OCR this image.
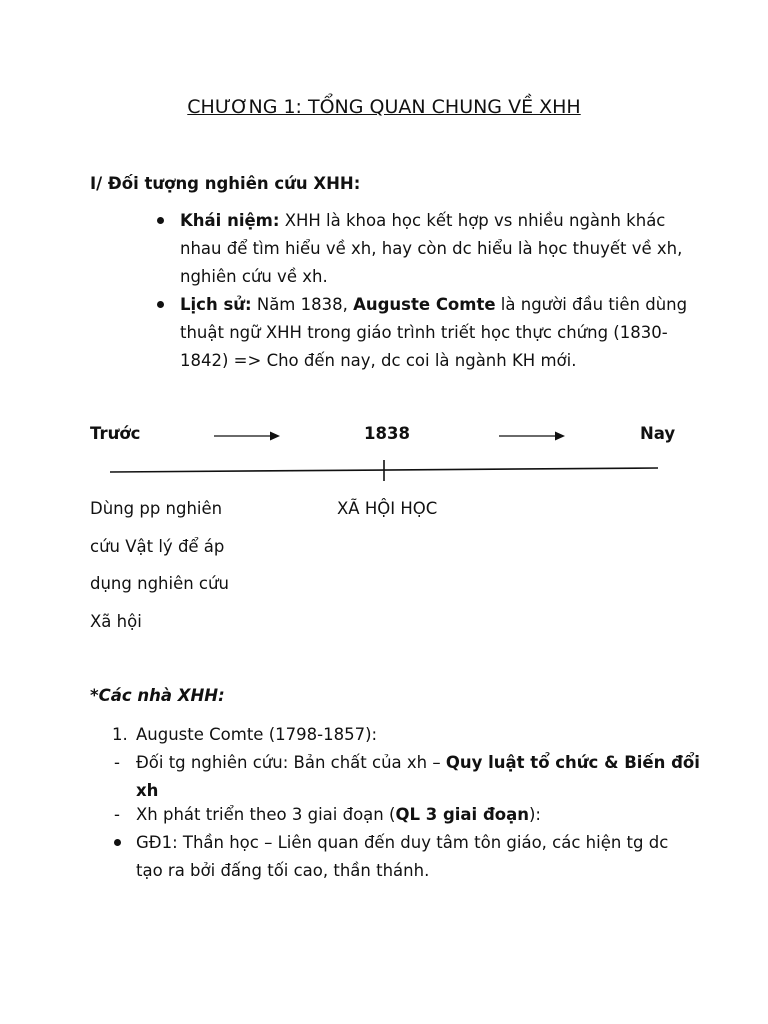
CHƯƠNG 1: TỔNG QUAN CHUNG VỀ XHH
I/ Đối tượng nghiên cứu XHH:
Khái niệm: XHH là khoa học kết hợp vs nhiều ngành khác
nhau để tìm hiểu về xh, hay còn dc hiểu là học thuyết về xh,
nghiên cứu về xh.
Lịch sử: Năm 1838, Auguste Comte là người đầu tiên dùng
thuật ngữ XHH trong giáo trình triết học thực chứng (1830-
1842) => Cho đến nay, dc coi là ngành KH mới.
Trước	1838	Nay
Dùng pp nghiên
cứu Vật lý để áp
dụng nghiên cứu
Xã hội
XÃ HỘI HỌC
*Các nhà XHH:
1. Auguste Comte (1798-1857):
- Đối tg nghiên cứu: Bản chất của xh – Quy luật tổ chức & Biến đổi
xh
- Xh phát triển theo 3 giai đoạn (QL 3 giai đoạn):
GĐ1: Thần học – Liên quan đến duy tâm tôn giáo, các hiện tg dc
tạo ra bởi đấng tối cao, thần thánh.
